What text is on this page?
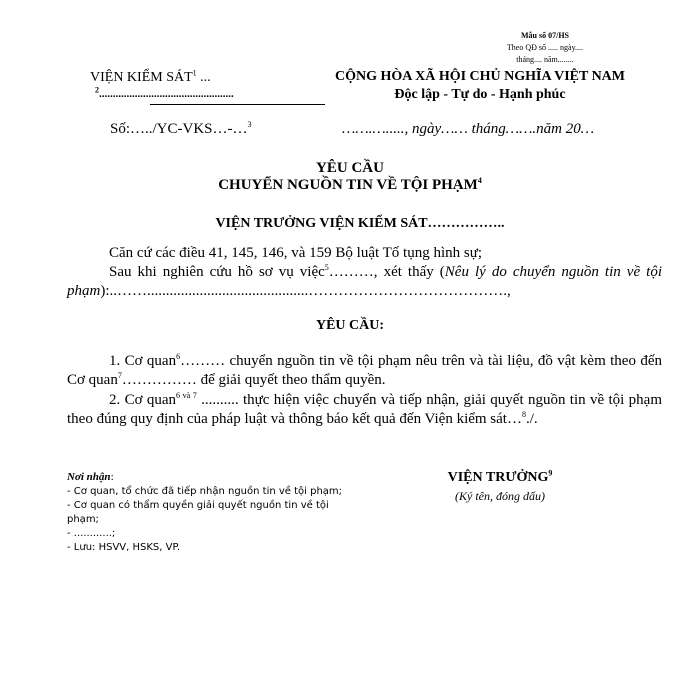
Mẫu số 07/HS
Theo QĐ số ..... ngày....
tháng.... năm........
VIỆN KIỂM SÁT$^1$ ...
$^2$.................................................
CỘNG HÒA XÃ HỘI CHỦ NGHĨA VIỆT NAM
Độc lập - Tự do - Hạnh phúc
Số:…../YC-VKS…-…$^3$	…….…....., ngày…… tháng…….năm 20…
YÊU CẦU
CHUYỂN NGUỒN TIN VỀ TỘI PHẠM$^4$
VIỆN TRƯỞNG VIỆN KIỂM SÁT……………..
Căn cứ các điều 41, 145, 146, và 159 Bộ luật Tố tụng hình sự;
Sau khi nghiên cứu hồ sơ vụ việc$^5$………, xét thấy (Nêu lý do chuyển nguồn tin về tội phạm):..……...........................................………………………………….,
YÊU CẦU:
1. Cơ quan$^6$……… chuyển nguồn tin về tội phạm nêu trên và tài liệu, đồ vật kèm theo đến Cơ quan$^7$…………… để giải quyết theo thẩm quyền.
2. Cơ quan$^{6 và 7}$ .......... thực hiện việc chuyển và tiếp nhận, giải quyết nguồn tin về tội phạm theo đúng quy định của pháp luật và thông báo kết quả đến Viện kiểm sát…$^8$./.
Nơi nhận:
- Cơ quan, tổ chức đã tiếp nhận nguồn tin về tội phạm;
- Cơ quan có thẩm quyền giải quyết nguồn tin về tội phạm;
- ............;
- Lưu: HSVV, HSKS, VP.
VIỆN TRƯỞNG$^9$
(Ký tên, đóng dấu)
